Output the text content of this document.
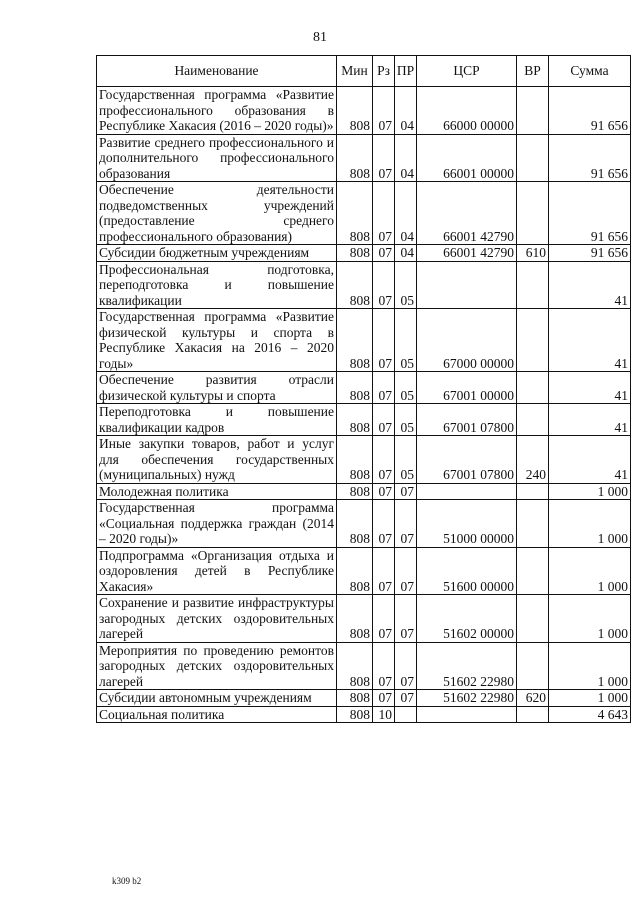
81
Наименование	Мин	Рз	ПР	ЦСР	ВР	Сумма
Государственная программа «Развитие профессионального образования в Республике Хакасия (2016 – 2020 годы)»	808	07	04	66000 00000		91 656
Развитие среднего профессионального и дополнительного профессионального образования	808	07	04	66001 00000		91 656
Обеспечение деятельности подведомственных учреждений (предоставление среднего профессионального образования)	808	07	04	66001 42790		91 656
Субсидии бюджетным учреждениям	808	07	04	66001 42790	610	91 656
Профессиональная подготовка, переподготовка и повышение квалификации	808	07	05			41
Государственная программа «Развитие физической культуры и спорта в Республике Хакасия на 2016 – 2020 годы»	808	07	05	67000 00000		41
Обеспечение развития отрасли физической культуры и спорта	808	07	05	67001 00000		41
Переподготовка и повышение квалификации кадров	808	07	05	67001 07800		41
Иные закупки товаров, работ и услуг для обеспечения государственных (муниципальных) нужд	808	07	05	67001 07800	240	41
Молодежная политика	808	07	07			1 000
Государственная программа «Социальная поддержка граждан (2014 – 2020 годы)»	808	07	07	51000 00000		1 000
Подпрограмма «Организация отдыха и оздоровления детей в Республике Хакасия»	808	07	07	51600 00000		1 000
Сохранение и развитие инфраструктуры загородных детских оздоровительных лагерей	808	07	07	51602 00000		1 000
Мероприятия по проведению ремонтов загородных детских оздоровительных лагерей	808	07	07	51602 22980		1 000
Субсидии автономным учреждениям	808	07	07	51602 22980	620	1 000
Социальная политика	808	10				4 643
k309 b2
